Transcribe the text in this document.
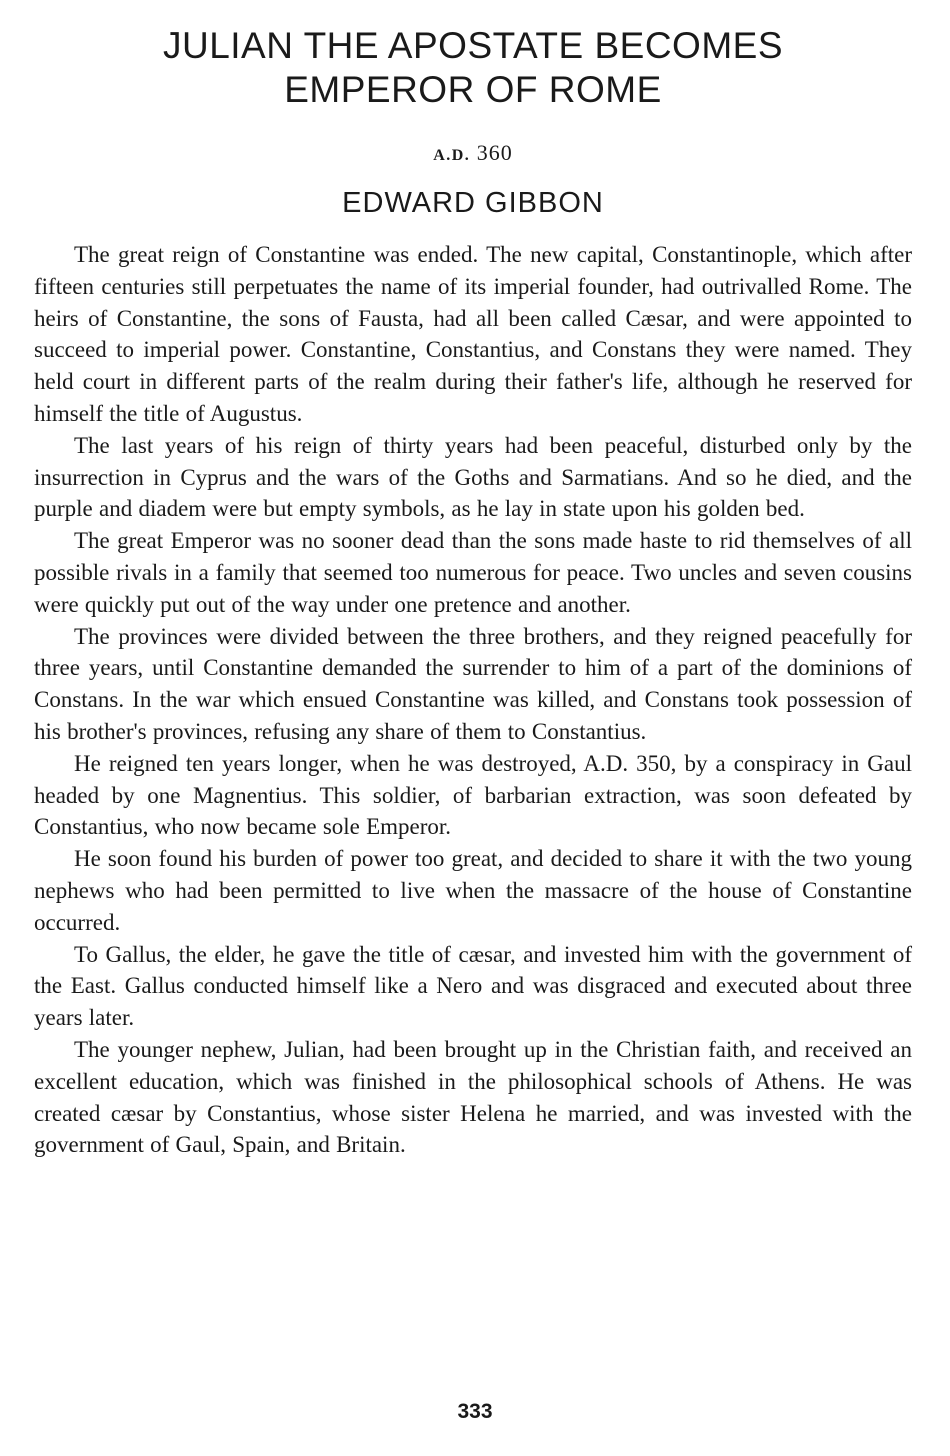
JULIAN THE APOSTATE BECOMES
EMPEROR OF ROME
A.D. 360
EDWARD GIBBON

The great reign of Constantine was ended. The new capital, Constantinople, which after fifteen centuries still perpetuates the name of its imperial founder, had outrivalled Rome. The heirs of Constantine, the sons of Fausta, had all been called Cæsar, and were appointed to succeed to imperial power. Constantine, Constantius, and Constans they were named. They held court in different parts of the realm during their father's life, although he reserved for himself the title of Augustus.

The last years of his reign of thirty years had been peaceful, disturbed only by the insurrection in Cyprus and the wars of the Goths and Sarmatians. And so he died, and the purple and diadem were but empty symbols, as he lay in state upon his golden bed.

The great Emperor was no sooner dead than the sons made haste to rid themselves of all possible rivals in a family that seemed too numerous for peace. Two uncles and seven cousins were quickly put out of the way under one pretence and another.

The provinces were divided between the three brothers, and they reigned peacefully for three years, until Constantine demanded the surrender to him of a part of the dominions of Constans. In the war which ensued Constantine was killed, and Constans took possession of his brother's provinces, refusing any share of them to Constantius.

He reigned ten years longer, when he was destroyed, A.D. 350, by a conspiracy in Gaul headed by one Magnentius. This soldier, of barbarian extraction, was soon defeated by Constantius, who now became sole Emperor.

He soon found his burden of power too great, and decided to share it with the two young nephews who had been permitted to live when the massacre of the house of Constantine occurred.

To Gallus, the elder, he gave the title of cæsar, and invested him with the government of the East. Gallus conducted himself like a Nero and was disgraced and executed about three years later.

The younger nephew, Julian, had been brought up in the Christian faith, and received an excellent education, which was finished in the philosophical schools of Athens. He was created cæsar by Constantius, whose sister Helena he married, and was invested with the government of Gaul, Spain, and Britain.

333
